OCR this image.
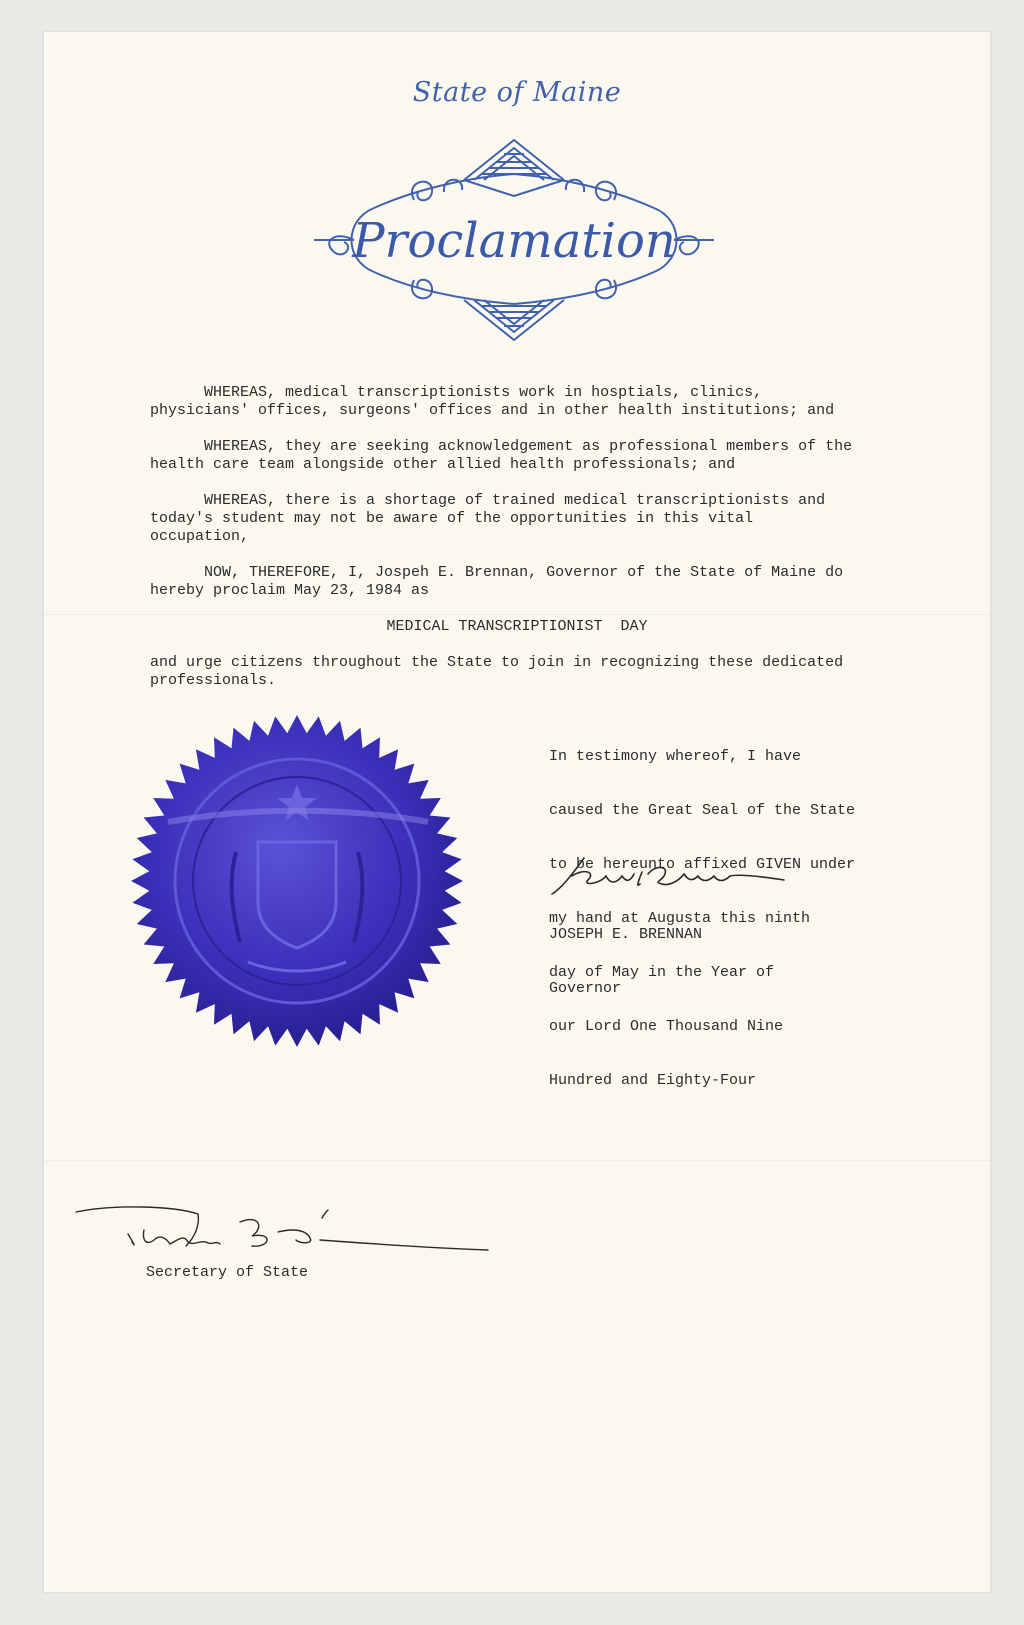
State of Maine
Proclamation
WHEREAS, medical transcriptionists work in hosptials, clinics,
physicians' offices, surgeons' offices and in other health institutions; and
WHEREAS, they are seeking acknowledgement as professional members of the
health care team alongside other allied health professionals; and
WHEREAS, there is a shortage of trained medical transcriptionists and
today's student may not be aware of the opportunities in this vital
occupation,
NOW, THEREFORE, I, Jospeh E. Brennan, Governor of the State of Maine do
hereby proclaim May 23, 1984 as
MEDICAL TRANSCRIPTIONIST  DAY
and urge citizens throughout the State to join in recognizing these dedicated
professionals.

In testimony whereof, I have

caused the Great Seal of the State

to be hereunto affixed GIVEN under

my hand at Augusta this ninth

day of May in the Year of

our Lord One Thousand Nine

Hundred and Eighty-Four

JOSEPH E. BRENNAN

Governor

Secretary of State
